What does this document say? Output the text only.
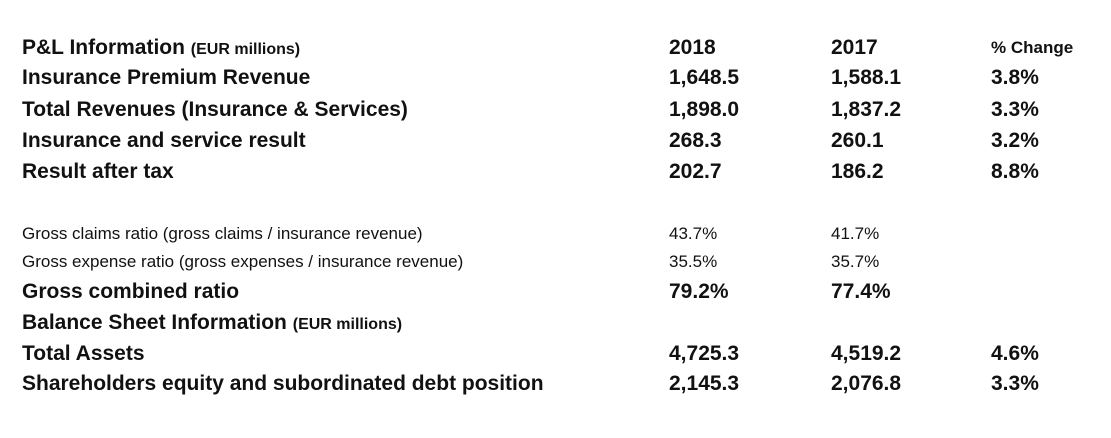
P&L Information (EUR millions)	2018	2017	% Change
Insurance Premium Revenue	1,648.5	1,588.1	3.8%
Total Revenues (Insurance & Services)	1,898.0	1,837.2	3.3%
Insurance and service result	268.3	260.1	3.2%
Result after tax	202.7	186.2	8.8%
Gross claims ratio (gross claims / insurance revenue)	43.7%	41.7%
Gross expense ratio (gross expenses / insurance revenue)	35.5%	35.7%
Gross combined ratio	79.2%	77.4%
Balance Sheet Information (EUR millions)
Total Assets	4,725.3	4,519.2	4.6%
Shareholders equity and subordinated debt position	2,145.3	2,076.8	3.3%
